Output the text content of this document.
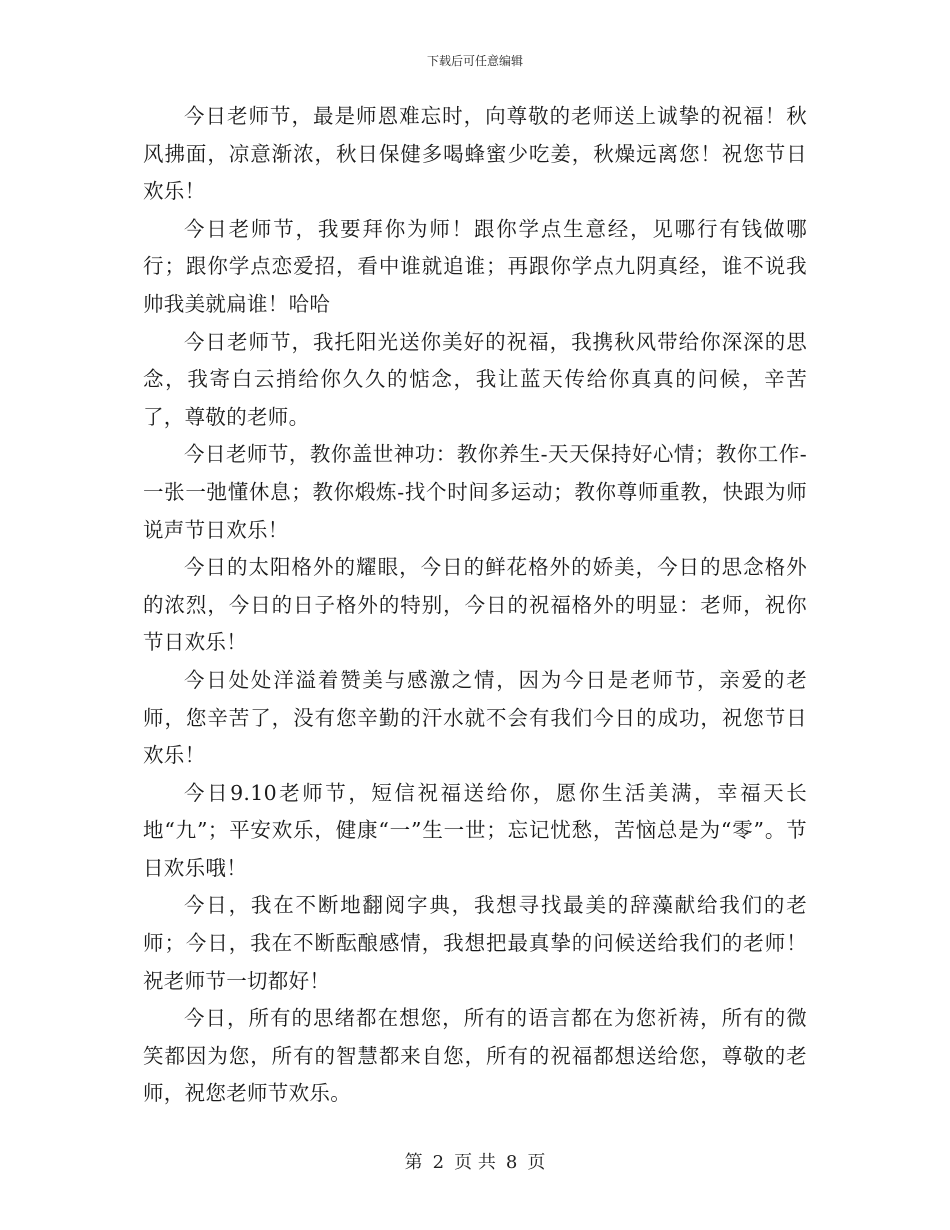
下载后可任意编辑

今日老师节，最是师恩难忘时，向尊敬的老师送上诚挚的祝福！秋风拂面，凉意渐浓，秋日保健多喝蜂蜜少吃姜，秋燥远离您！祝您节日欢乐！

今日老师节，我要拜你为师！跟你学点生意经，见哪行有钱做哪行；跟你学点恋爱招，看中谁就追谁；再跟你学点九阴真经，谁不说我帅我美就扁谁！哈哈

今日老师节，我托阳光送你美好的祝福，我携秋风带给你深深的思念，我寄白云捎给你久久的惦念，我让蓝天传给你真真的问候，辛苦了，尊敬的老师。

今日老师节，教你盖世神功：教你养生-天天保持好心情；教你工作-一张一弛懂休息；教你煅炼-找个时间多运动；教你尊师重教，快跟为师说声节日欢乐！

今日的太阳格外的耀眼，今日的鲜花格外的娇美，今日的思念格外的浓烈，今日的日子格外的特别，今日的祝福格外的明显：老师，祝你节日欢乐！

今日处处洋溢着赞美与感激之情，因为今日是老师节，亲爱的老师，您辛苦了，没有您辛勤的汗水就不会有我们今日的成功，祝您节日欢乐！

今日9.10老师节，短信祝福送给你，愿你生活美满，幸福天长地“九”；平安欢乐，健康“一”生一世；忘记忧愁，苦恼总是为“零”。节日欢乐哦！

今日，我在不断地翻阅字典，我想寻找最美的辞藻献给我们的老师；今日，我在不断酝酿感情，我想把最真挚的问候送给我们的老师！祝老师节一切都好！

今日，所有的思绪都在想您，所有的语言都在为您祈祷，所有的微笑都因为您，所有的智慧都来自您，所有的祝福都想送给您，尊敬的老师，祝您老师节欢乐。

第 2 页 共 8 页
